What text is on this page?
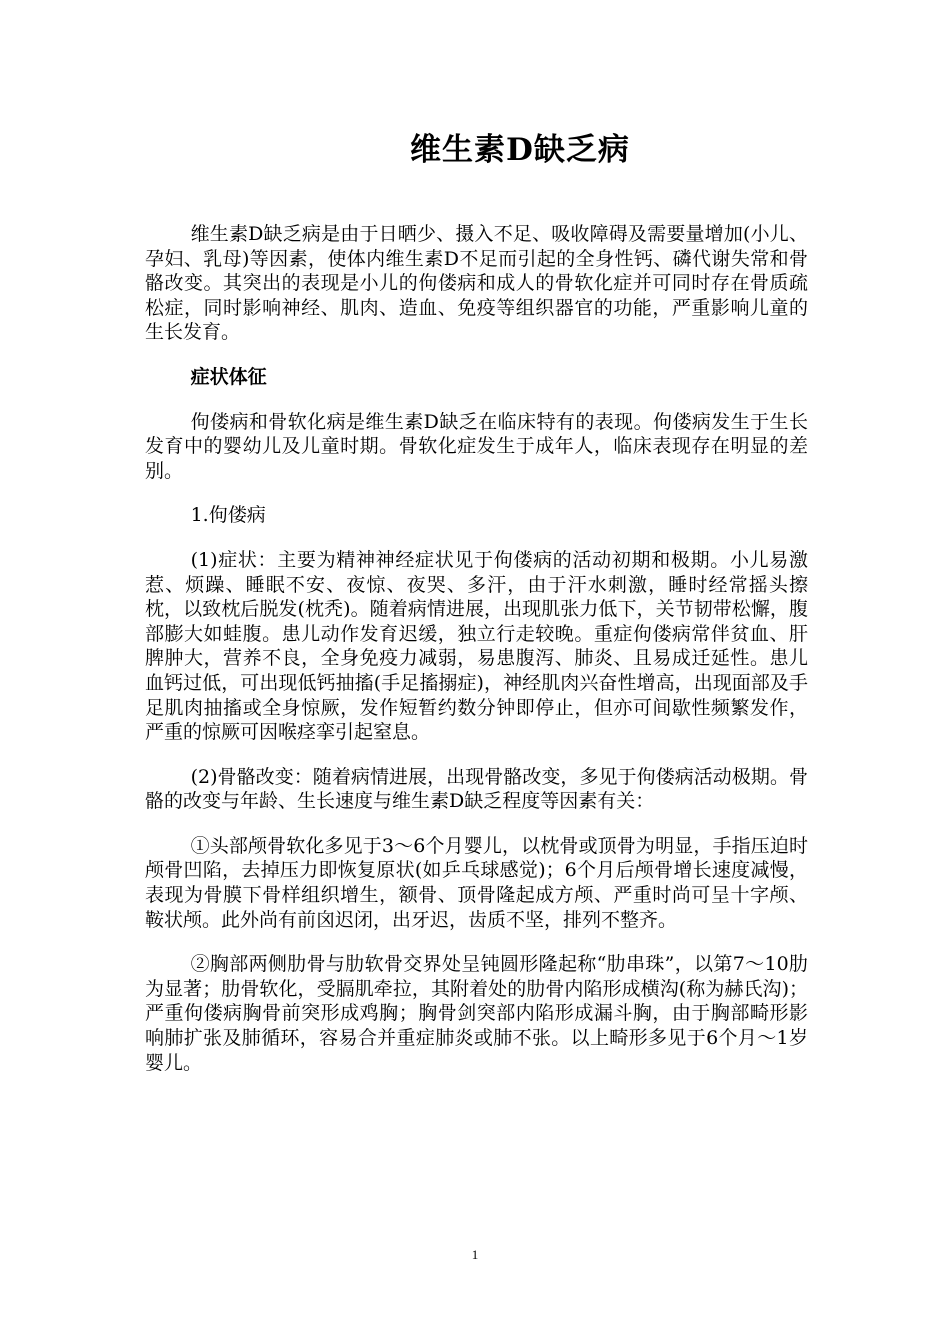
维生素D缺乏病

维生素D缺乏病是由于日晒少、摄入不足、吸收障碍及需要量增加(小儿、孕妇、乳母)等因素，使体内维生素D不足而引起的全身性钙、磷代谢失常和骨骼改变。其突出的表现是小儿的佝偻病和成人的骨软化症并可同时存在骨质疏松症，同时影响神经、肌肉、造血、免疫等组织器官的功能，严重影响儿童的生长发育。

症状体征

佝偻病和骨软化病是维生素D缺乏在临床特有的表现。佝偻病发生于生长发育中的婴幼儿及儿童时期。骨软化症发生于成年人，临床表现存在明显的差别。

1.佝偻病

(1)症状：主要为精神神经症状见于佝偻病的活动初期和极期。小儿易激惹、烦躁、睡眠不安、夜惊、夜哭、多汗，由于汗水刺激，睡时经常摇头擦枕，以致枕后脱发(枕秃)。随着病情进展，出现肌张力低下，关节韧带松懈，腹部膨大如蛙腹。患儿动作发育迟缓，独立行走较晚。重症佝偻病常伴贫血、肝脾肿大，营养不良，全身免疫力减弱，易患腹泻、肺炎、且易成迁延性。患儿血钙过低，可出现低钙抽搐(手足搐搦症)，神经肌肉兴奋性增高，出现面部及手足肌肉抽搐或全身惊厥，发作短暂约数分钟即停止，但亦可间歇性频繁发作，严重的惊厥可因喉痉挛引起窒息。

(2)骨骼改变：随着病情进展，出现骨骼改变，多见于佝偻病活动极期。骨骼的改变与年龄、生长速度与维生素D缺乏程度等因素有关：

①头部颅骨软化多见于3～6个月婴儿，以枕骨或顶骨为明显，手指压迫时颅骨凹陷，去掉压力即恢复原状(如乒乓球感觉)；6个月后颅骨增长速度减慢，表现为骨膜下骨样组织增生，额骨、顶骨隆起成方颅、严重时尚可呈十字颅、鞍状颅。此外尚有前囟迟闭，出牙迟，齿质不坚，排列不整齐。

②胸部两侧肋骨与肋软骨交界处呈钝圆形隆起称“肋串珠”，以第7～10肋为显著；肋骨软化，受膈肌牵拉，其附着处的肋骨内陷形成横沟(称为赫氏沟)；严重佝偻病胸骨前突形成鸡胸；胸骨剑突部内陷形成漏斗胸，由于胸部畸形影响肺扩张及肺循环，容易合并重症肺炎或肺不张。以上畸形多见于6个月～1岁婴儿。

1
